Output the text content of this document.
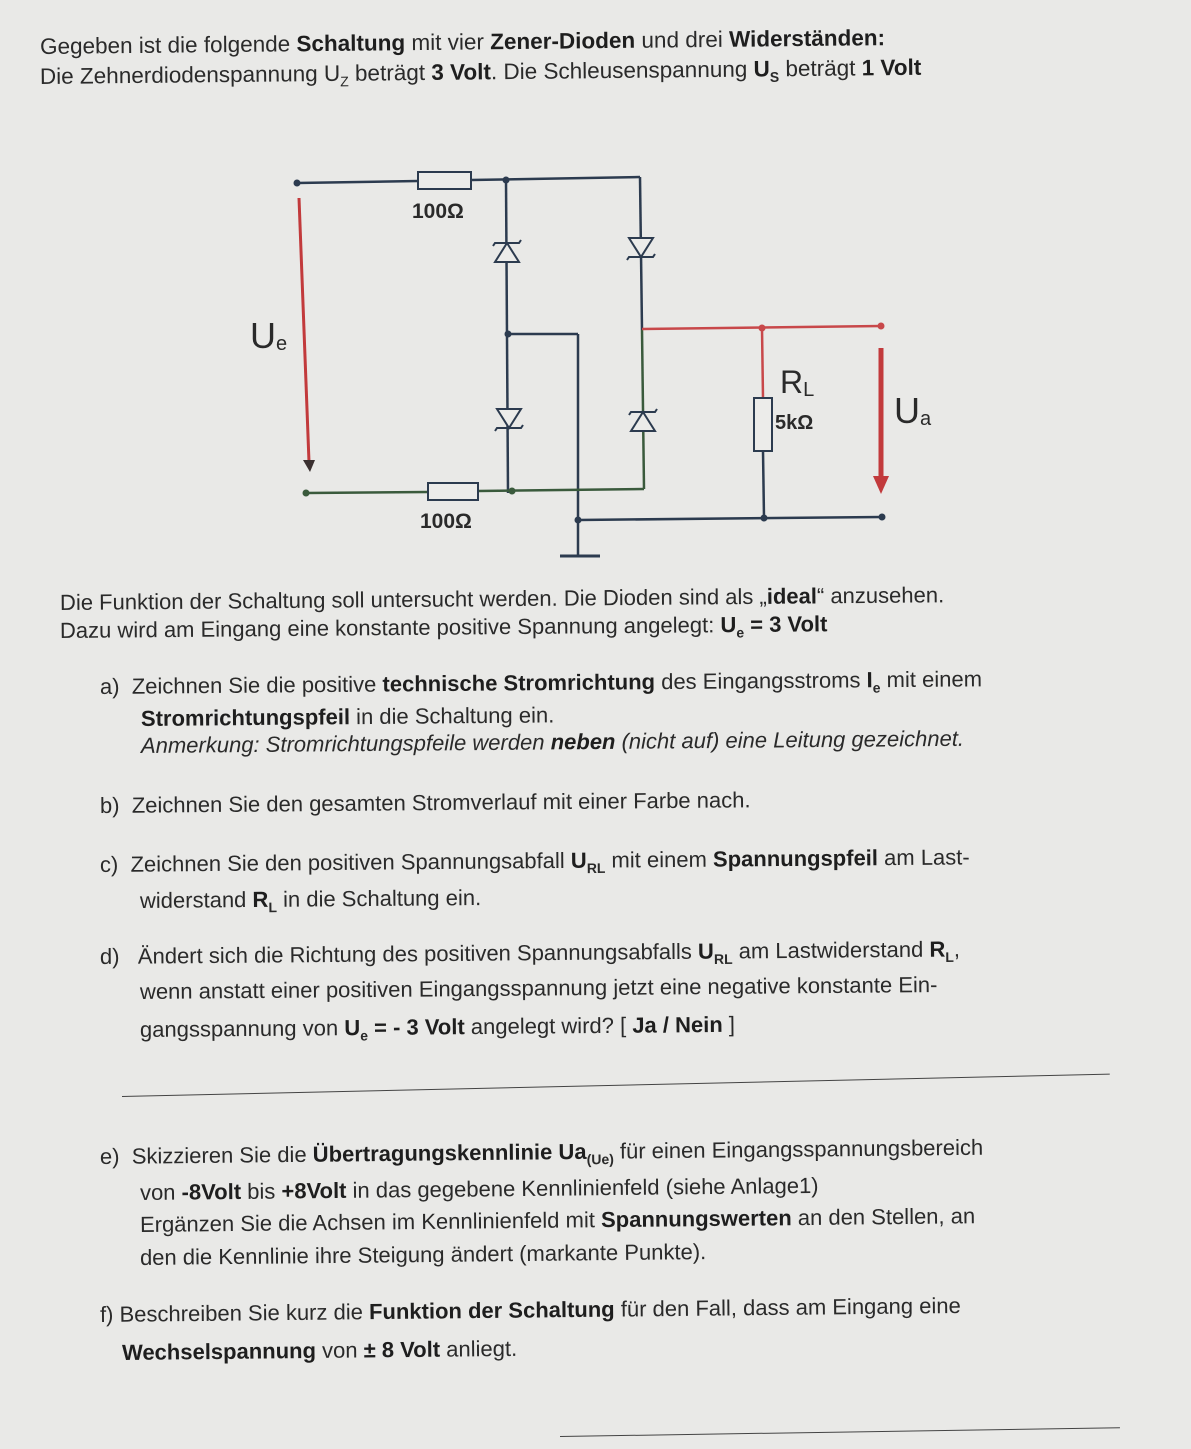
Gegeben ist die folgende Schaltung mit vier Zener-Dioden und drei Widerständen:
Die Zehnerdiodenspannung $U_Z$ beträgt 3 Volt. Die Schleusenspannung $U_S$ beträgt 1 Volt
100Ω
100Ω
RL
5kΩ
Ue
Ua
Die Funktion der Schaltung soll untersucht werden. Die Dioden sind als „ideal“ anzusehen.
Dazu wird am Eingang eine konstante positive Spannung angelegt: $U_e = 3$ Volt
a) Zeichnen Sie die positive technische Stromrichtung des Eingangsstroms $I_e$ mit einem
Stromrichtungspfeil in die Schaltung ein.
Anmerkung: Stromrichtungspfeile werden neben (nicht auf) eine Leitung gezeichnet.
b) Zeichnen Sie den gesamten Stromverlauf mit einer Farbe nach.
c) Zeichnen Sie den positiven Spannungsabfall $U_{RL}$ mit einem Spannungspfeil am Last-
widerstand $R_L$ in die Schaltung ein.
d) Ändert sich die Richtung des positiven Spannungsabfalls $U_{RL}$ am Lastwiderstand $R_L$,
wenn anstatt einer positiven Eingangsspannung jetzt eine negative konstante Ein-
gangsspannung von $U_e$ = - 3 Volt angelegt wird? [ Ja / Nein ]
e) Skizzieren Sie die Übertragungskennlinie $Ua_{(Ue)}$ für einen Eingangsspannungsbereich
von -8Volt bis +8Volt in das gegebene Kennlinienfeld (siehe Anlage1)
Ergänzen Sie die Achsen im Kennlinienfeld mit Spannungswerten an den Stellen, an
den die Kennlinie ihre Steigung ändert (markante Punkte).
f) Beschreiben Sie kurz die Funktion der Schaltung für den Fall, dass am Eingang eine
Wechselspannung von ± 8 Volt anliegt.
